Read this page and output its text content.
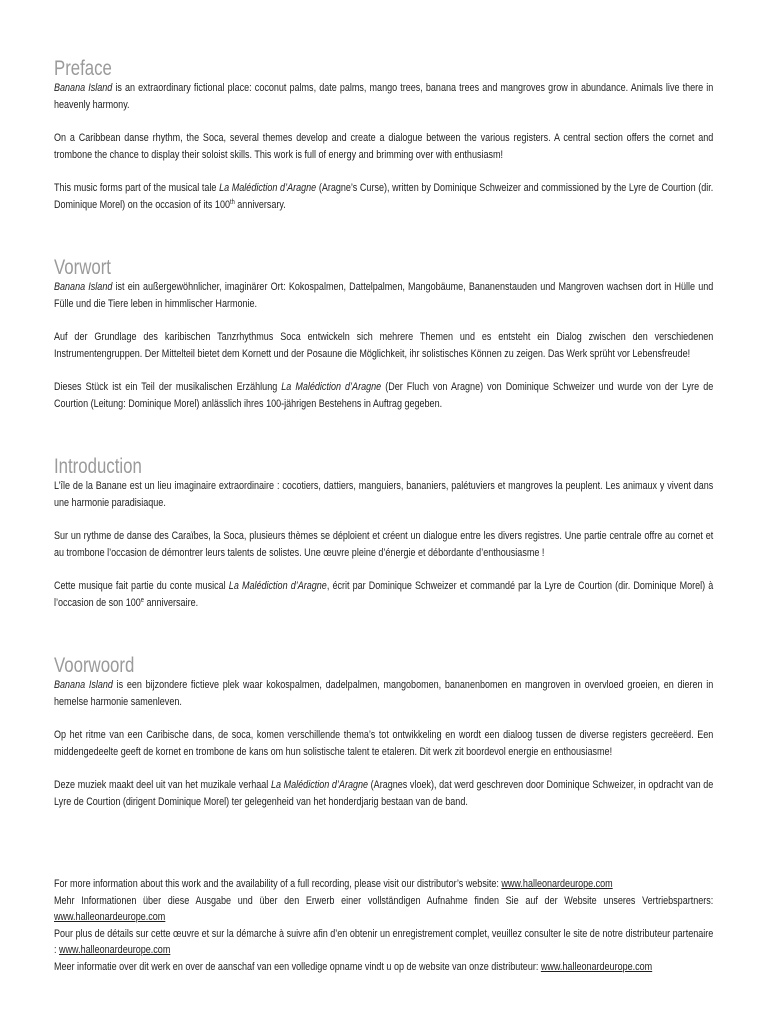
Preface

Banana Island is an extraordinary fictional place: coconut palms, date palms, mango trees, banana trees and mangroves grow in abundance. Animals live there in heavenly harmony.

On a Caribbean danse rhythm, the Soca, several themes develop and create a dialogue between the various registers. A central section offers the cornet and trombone the chance to display their soloist skills. This work is full of energy and brimming over with enthusiasm!

This music forms part of the musical tale La Malédiction d’Aragne (Aragne’s Curse), written by Dominique Schweizer and commissioned by the Lyre de Courtion (dir. Dominique Morel) on the occasion of its 100th anniversary.

Vorwort

Banana Island ist ein außergewöhnlicher, imaginärer Ort: Kokospalmen, Dattelpalmen, Mangobäume, Bananenstauden und Mangroven wachsen dort in Hülle und Fülle und die Tiere leben in himmlischer Harmonie.

Auf der Grundlage des karibischen Tanzrhythmus Soca entwickeln sich mehrere Themen und es entsteht ein Dialog zwischen den verschiedenen Instrumentengruppen. Der Mittelteil bietet dem Kornett und der Posaune die Möglichkeit, ihr solistisches Können zu zeigen. Das Werk sprüht vor Lebensfreude!

Dieses Stück ist ein Teil der musikalischen Erzählung La Malédiction d’Aragne (Der Fluch von Aragne) von Dominique Schweizer und wurde von der Lyre de Courtion (Leitung: Dominique Morel) anlässlich ihres 100-jährigen Bestehens in Auftrag gegeben.

Introduction

L’île de la Banane est un lieu imaginaire extraordinaire : cocotiers, dattiers, manguiers, bananiers, palétuviers et mangroves la peuplent. Les animaux y vivent dans une harmonie paradisiaque.

Sur un rythme de danse des Caraïbes, la Soca, plusieurs thèmes se déploient et créent un dialogue entre les divers registres. Une partie centrale offre au cornet et au trombone l’occasion de démontrer leurs talents de solistes. Une œuvre pleine d’énergie et débordante d’enthousiasme !

Cette musique fait partie du conte musical La Malédiction d’Aragne, écrit par Dominique Schweizer et commandé par la Lyre de Courtion (dir. Dominique Morel) à l’occasion de son 100e anniversaire.

Voorwoord

Banana Island is een bijzondere fictieve plek waar kokospalmen, dadelpalmen, mangobomen, bananenbomen en mangroven in overvloed groeien, en dieren in hemelse harmonie samenleven.

Op het ritme van een Caribische dans, de soca, komen verschillende thema’s tot ontwikkeling en wordt een dialoog tussen de diverse registers gecreëerd. Een middengedeelte geeft de kornet en trombone de kans om hun solistische talent te etaleren. Dit werk zit boordevol energie en enthousiasme!

Deze muziek maakt deel uit van het muzikale verhaal La Malédiction d’Aragne (Aragnes vloek), dat werd geschreven door Dominique Schweizer, in opdracht van de Lyre de Courtion (dirigent Dominique Morel) ter gelegenheid van het honderdjarig bestaan van de band.

For more information about this work and the availability of a full recording, please visit our distributor’s website: www.halleonardeurope.com

Mehr Informationen über diese Ausgabe und über den Erwerb einer vollständigen Aufnahme finden Sie auf der Website unseres Vertriebspartners: www.halleonardeurope.com

Pour plus de détails sur cette œuvre et sur la démarche à suivre afin d’en obtenir un enregistrement complet, veuillez consulter le site de notre distributeur partenaire : www.halleonardeurope.com

Meer informatie over dit werk en over de aanschaf van een volledige opname vindt u op de website van onze distributeur: www.halleonardeurope.com
